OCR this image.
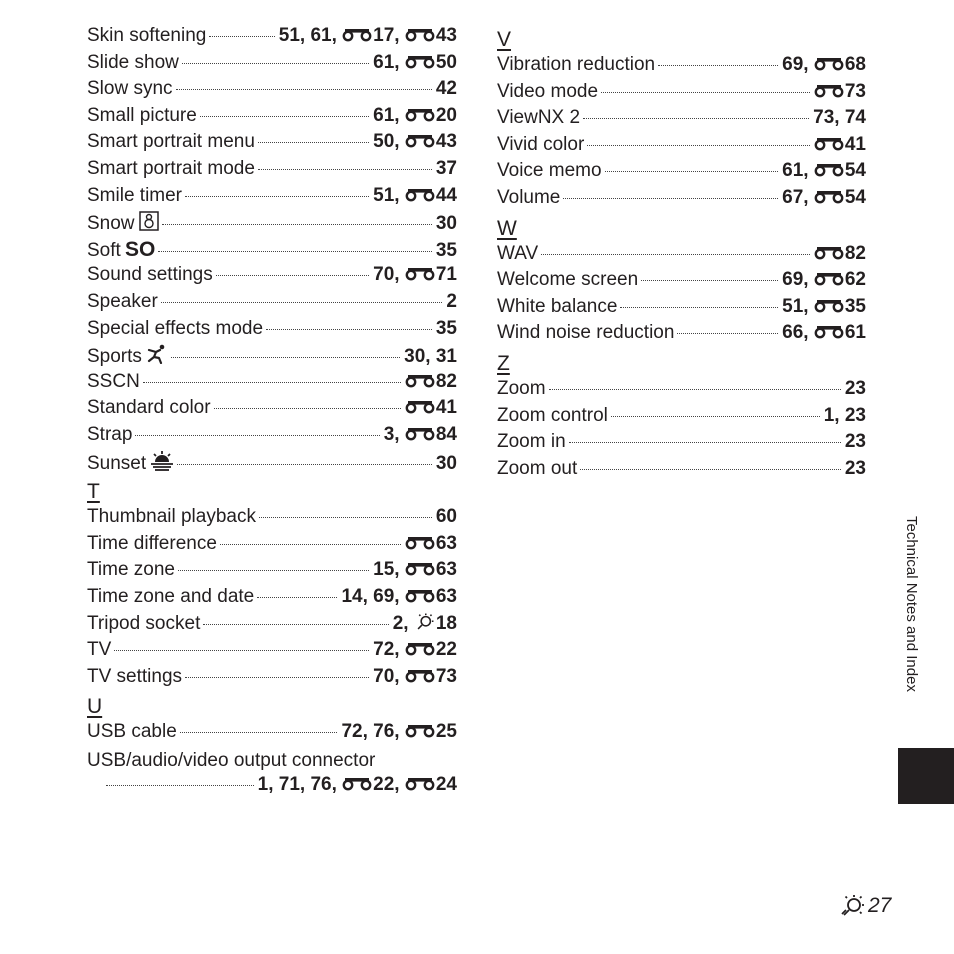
Skin softening	51, 61, 17, 43
Slide show	61, 50
Slow sync	42
Small picture	61, 20
Smart portrait menu	50, 43
Smart portrait mode	37
Smile timer	51, 44
Snow	30
Soft SO	35
Sound settings	70, 71
Speaker	2
Special effects mode	35
Sports	30, 31
SSCN	82
Standard color	41
Strap	3, 84
Sunset	30
T
Thumbnail playback	60
Time difference	63
Time zone	15, 63
Time zone and date	14, 69, 63
Tripod socket	2, 18
TV	72, 22
TV settings	70, 73
U
USB cable	72, 76, 25
USB/audio/video output connector
1, 71, 76, 22, 24
V
Vibration reduction	69, 68
Video mode	73
ViewNX 2	73, 74
Vivid color	41
Voice memo	61, 54
Volume	67, 54
W
WAV	82
Welcome screen	69, 62
White balance	51, 35
Wind noise reduction	66, 61
Z
Zoom	23
Zoom control	1, 23
Zoom in	23
Zoom out	23
Technical Notes and Index
27
